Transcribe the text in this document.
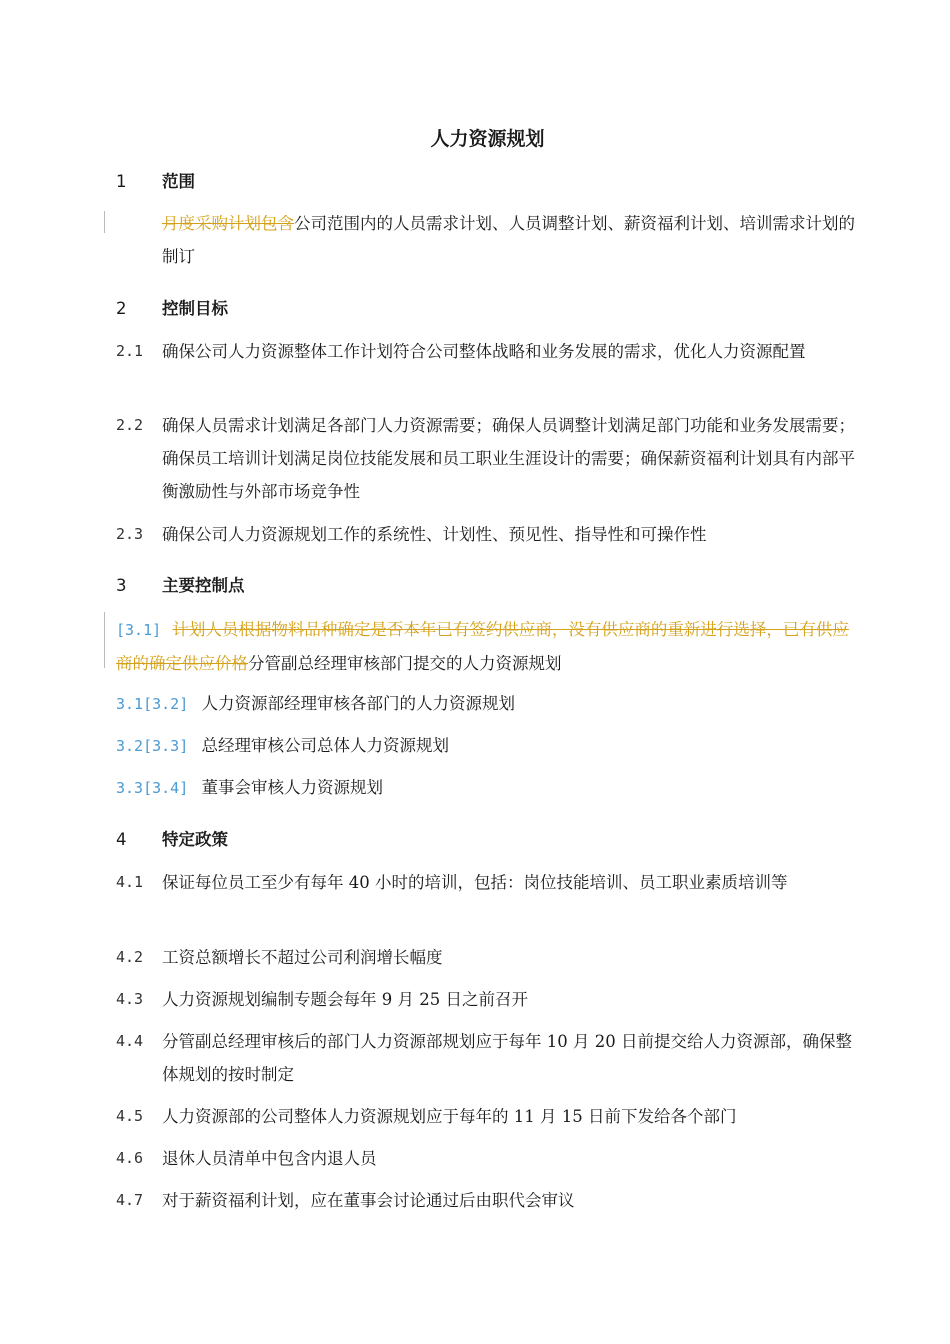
人力资源规划
1 范围
月度采购计划包含公司范围内的人员需求计划、人员调整计划、薪资福利计划、培训需求计划的制订
2 控制目标
2.1 确保公司人力资源整体工作计划符合公司整体战略和业务发展的需求，优化人力资源配置
2.2 确保人员需求计划满足各部门人力资源需要；确保人员调整计划满足部门功能和业务发展需要；确保员工培训计划满足岗位技能发展和员工职业生涯设计的需要；确保薪资福利计划具有内部平衡激励性与外部市场竞争性
2.3 确保公司人力资源规划工作的系统性、计划性、预见性、指导性和可操作性
3 主要控制点
[3.1] 计划人员根据物料品种确定是否本年已有签约供应商，没有供应商的重新进行选择，已有供应商的确定供应价格分管副总经理审核部门提交的人力资源规划
3.1[3.2] 人力资源部经理审核各部门的人力资源规划
3.2[3.3] 总经理审核公司总体人力资源规划
3.3[3.4] 董事会审核人力资源规划
4 特定政策
4.1 保证每位员工至少有每年 40 小时的培训，包括：岗位技能培训、员工职业素质培训等
4.2 工资总额增长不超过公司利润增长幅度
4.3 人力资源规划编制专题会每年 9 月 25 日之前召开
4.4 分管副总经理审核后的部门人力资源部规划应于每年 10 月 20 日前提交给人力资源部，确保整体规划的按时制定
4.5 人力资源部的公司整体人力资源规划应于每年的 11 月 15 日前下发给各个部门
4.6 退休人员清单中包含内退人员
4.7 对于薪资福利计划，应在董事会讨论通过后由职代会审议
